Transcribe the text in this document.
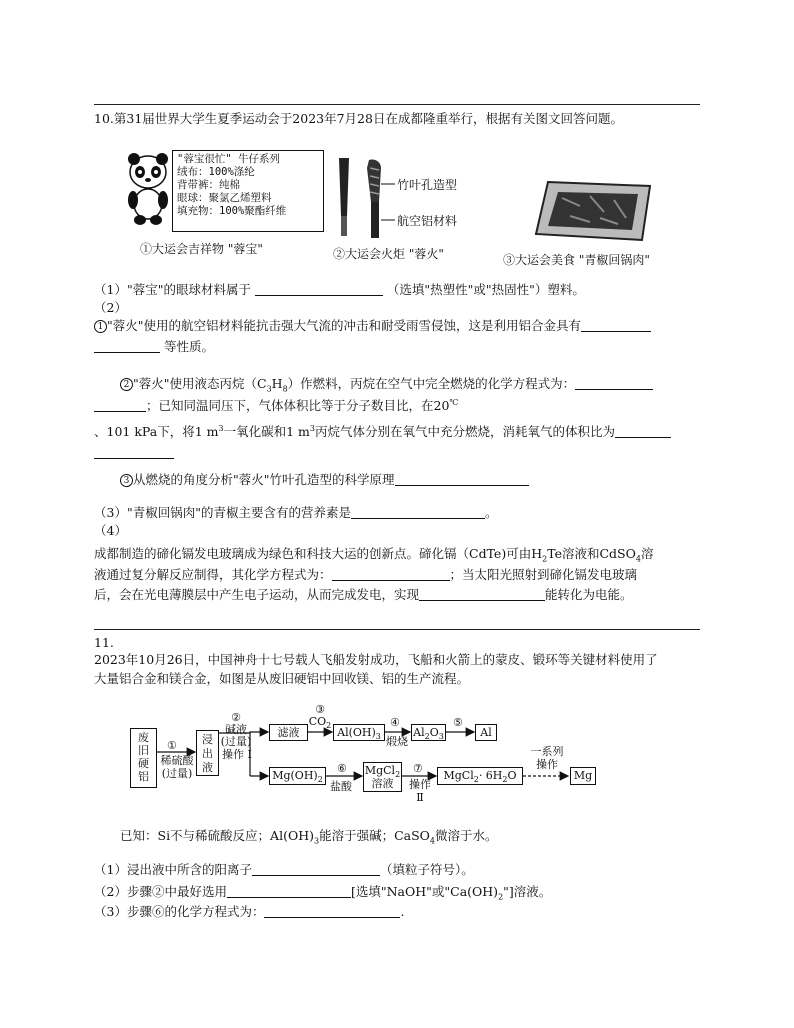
10.第31届世界大学生夏季运动会于2023年7月28日在成都隆重举行，根据有关图文回答问题。
"蓉宝很忙" 牛仔系列
绒布：100%涤纶
背带裤：纯棉
眼球：聚氯乙烯塑料
填充物：100%聚酯纤维
竹叶孔造型
航空铝材料
①大运会吉祥物 "蓉宝"	②大运会火炬 "蓉火"	③大运会美食 "青椒回锅肉"
（1）"蓉宝"的眼球材料属于	（选填"热塑性"或"热固性"）塑料。
（2）
1 "蓉火"使用的航空铝材料能抗击强大气流的冲击和耐受雨雪侵蚀，这是利用铝合金具有
等性质。
2 "蓉火"使用液态丙烷$(C_3H_8)$作燃料，丙烷在空气中完全燃烧的化学方程式为：
；已知同温同压下，气体体积比等于分子数目比，在20℃
、101 kPa下，将1 $m^3$一氧化碳和1 $m^3$丙烷气体分别在氧气中充分燃烧，消耗氧气的体积比为
3 从燃烧的角度分析"蓉火"竹叶孔造型的科学原理
（3）"青椒回锅肉"的青椒主要含有的营养素是	。
（4）
成都制造的碲化镉发电玻璃成为绿色和科技大运的创新点。碲化镉（CdTe)可由$H_2Te$溶液和CdSO$_4$溶
液通过复分解反应制得，其化学方程式为：	；当太阳光照射到碲化镉发电玻璃
后，会在光电薄膜层中产生电子运动，从而完成发电，实现	能转化为电能。
11.
2023年10月26日，中国神舟十七号载人飞船发射成功，飞船和火箭上的蒙皮、锻环等关键材料使用了
大量铝合金和镁合金，如图是从废旧硬铝中回收镁、铝的生产流程。
废
旧
硬
铝
①
稀硫酸
(过量)
浸
出
液
②
碱液
(过量)
操作 Ⅰ
滤液
③
$CO_2$
$Al(OH)_3$
④
煅烧
$Al_2O_3$
⑤
Al
$Mg(OH)_2$
⑥
盐酸
MgCl$_2$
溶液
⑦
操作
Ⅱ
MgCl$_2$· $6H_2O$
一系列
操作
Mg
已知：Si不与稀硫酸反应；$Al(OH)_3$能溶于强碱；CaSO$_4$微溶于水。
（1）浸出液中所含的阳离子	（填粒子符号）。
（2）步骤②中最好选用	[选填"NaOH"或"$Ca(OH)_2$"]溶液。
（3）步骤⑥的化学方程式为：	.
